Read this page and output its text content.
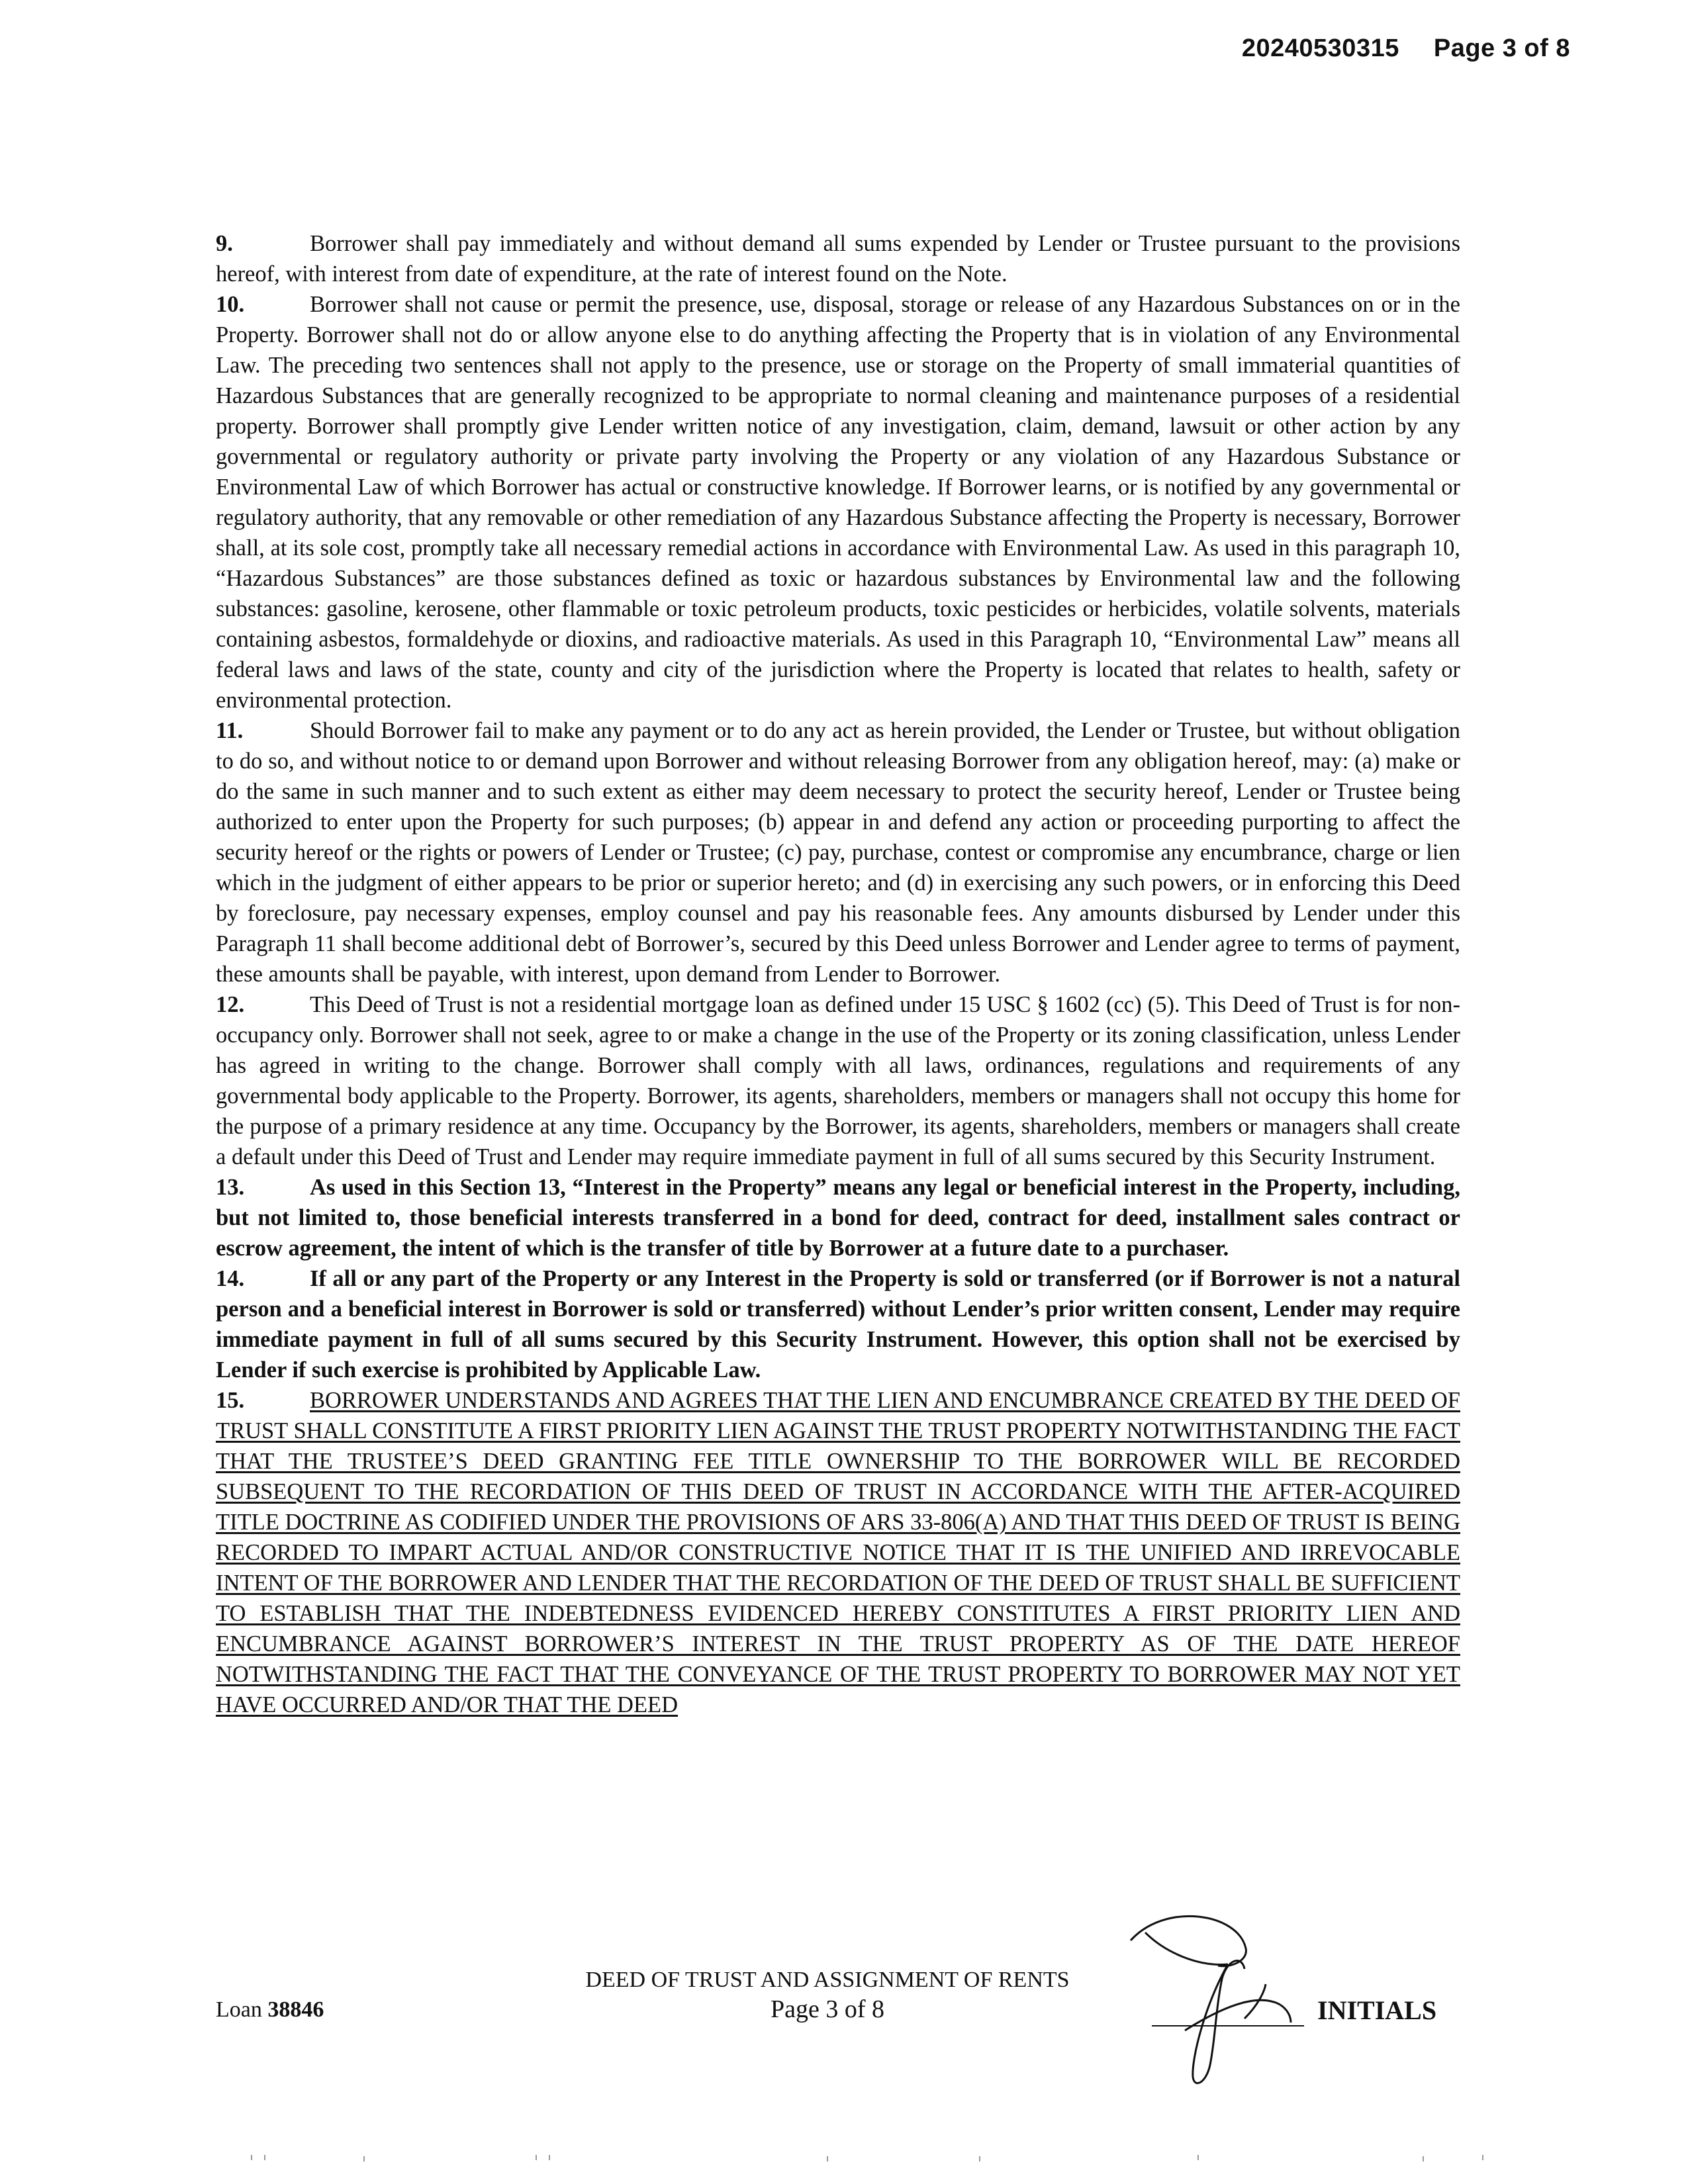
20240530315 Page 3 of 8

9.	Borrower shall pay immediately and without demand all sums expended by Lender or Trustee pursuant to the provisions hereof, with interest from date of expenditure, at the rate of interest found on the Note.

10.	Borrower shall not cause or permit the presence, use, disposal, storage or release of any Hazardous Substances on or in the Property. Borrower shall not do or allow anyone else to do anything affecting the Property that is in violation of any Environmental Law. The preceding two sentences shall not apply to the presence, use or storage on the Property of small immaterial quantities of Hazardous Substances that are generally recognized to be appropriate to normal cleaning and maintenance purposes of a residential property. Borrower shall promptly give Lender written notice of any investigation, claim, demand, lawsuit or other action by any governmental or regulatory authority or private party involving the Property or any violation of any Hazardous Substance or Environmental Law of which Borrower has actual or constructive knowledge. If Borrower learns, or is notified by any governmental or regulatory authority, that any removable or other remediation of any Hazardous Substance affecting the Property is necessary, Borrower shall, at its sole cost, promptly take all necessary remedial actions in accordance with Environmental Law. As used in this paragraph 10, “Hazardous Substances” are those substances defined as toxic or hazardous substances by Environmental law and the following substances: gasoline, kerosene, other flammable or toxic petroleum products, toxic pesticides or herbicides, volatile solvents, materials containing asbestos, formaldehyde or dioxins, and radioactive materials. As used in this Paragraph 10, “Environmental Law” means all federal laws and laws of the state, county and city of the jurisdiction where the Property is located that relates to health, safety or environmental protection.

11.	Should Borrower fail to make any payment or to do any act as herein provided, the Lender or Trustee, but without obligation to do so, and without notice to or demand upon Borrower and without releasing Borrower from any obligation hereof, may: (a) make or do the same in such manner and to such extent as either may deem necessary to protect the security hereof, Lender or Trustee being authorized to enter upon the Property for such purposes; (b) appear in and defend any action or proceeding purporting to affect the security hereof or the rights or powers of Lender or Trustee; (c) pay, purchase, contest or compromise any encumbrance, charge or lien which in the judgment of either appears to be prior or superior hereto; and (d) in exercising any such powers, or in enforcing this Deed by foreclosure, pay necessary expenses, employ counsel and pay his reasonable fees. Any amounts disbursed by Lender under this Paragraph 11 shall become additional debt of Borrower’s, secured by this Deed unless Borrower and Lender agree to terms of payment, these amounts shall be payable, with interest, upon demand from Lender to Borrower.

12.	This Deed of Trust is not a residential mortgage loan as defined under 15 USC § 1602 (cc) (5). This Deed of Trust is for non-occupancy only. Borrower shall not seek, agree to or make a change in the use of the Property or its zoning classification, unless Lender has agreed in writing to the change. Borrower shall comply with all laws, ordinances, regulations and requirements of any governmental body applicable to the Property. Borrower, its agents, shareholders, members or managers shall not occupy this home for the purpose of a primary residence at any time. Occupancy by the Borrower, its agents, shareholders, members or managers shall create a default under this Deed of Trust and Lender may require immediate payment in full of all sums secured by this Security Instrument.

13.	As used in this Section 13, “Interest in the Property” means any legal or beneficial interest in the Property, including, but not limited to, those beneficial interests transferred in a bond for deed, contract for deed, installment sales contract or escrow agreement, the intent of which is the transfer of title by Borrower at a future date to a purchaser.

14.	If all or any part of the Property or any Interest in the Property is sold or transferred (or if Borrower is not a natural person and a beneficial interest in Borrower is sold or transferred) without Lender’s prior written consent, Lender may require immediate payment in full of all sums secured by this Security Instrument. However, this option shall not be exercised by Lender if such exercise is prohibited by Applicable Law.

15.	BORROWER UNDERSTANDS AND AGREES THAT THE LIEN AND ENCUMBRANCE CREATED BY THE DEED OF TRUST SHALL CONSTITUTE A FIRST PRIORITY LIEN AGAINST THE TRUST PROPERTY NOTWITHSTANDING THE FACT THAT THE TRUSTEE’S DEED GRANTING FEE TITLE OWNERSHIP TO THE BORROWER WILL BE RECORDED SUBSEQUENT TO THE RECORDATION OF THIS DEED OF TRUST IN ACCORDANCE WITH THE AFTER-ACQUIRED TITLE DOCTRINE AS CODIFIED UNDER THE PROVISIONS OF ARS 33-806(A) AND THAT THIS DEED OF TRUST IS BEING RECORDED TO IMPART ACTUAL AND/OR CONSTRUCTIVE NOTICE THAT IT IS THE UNIFIED AND IRREVOCABLE INTENT OF THE BORROWER AND LENDER THAT THE RECORDATION OF THE DEED OF TRUST SHALL BE SUFFICIENT TO ESTABLISH THAT THE INDEBTEDNESS EVIDENCED HEREBY CONSTITUTES A FIRST PRIORITY LIEN AND ENCUMBRANCE AGAINST BORROWER’S INTEREST IN THE TRUST PROPERTY AS OF THE DATE HEREOF NOTWITHSTANDING THE FACT THAT THE CONVEYANCE OF THE TRUST PROPERTY TO BORROWER MAY NOT YET HAVE OCCURRED AND/OR THAT THE DEED

Loan 38846
DEED OF TRUST AND ASSIGNMENT OF RENTS
Page 3 of 8	INITIALS
